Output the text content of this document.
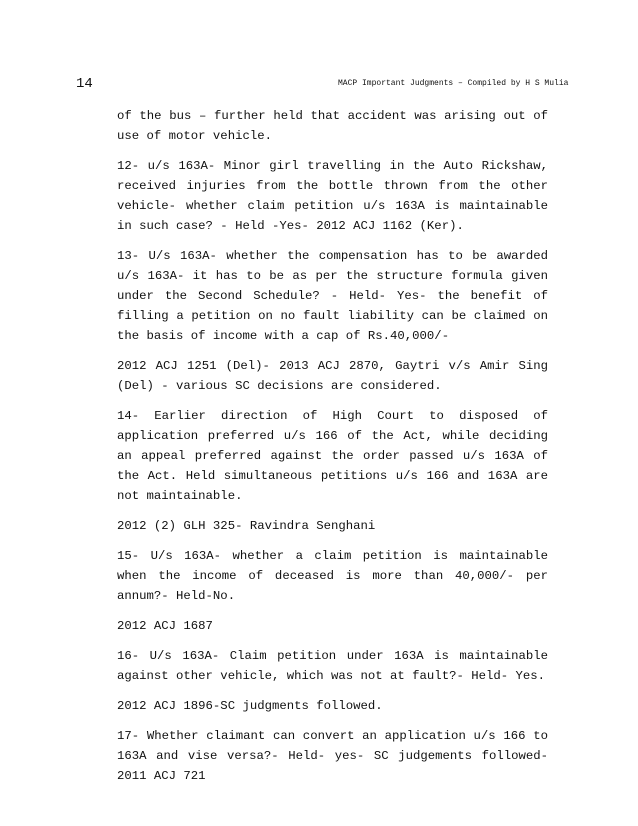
14	MACP Important Judgments – Compiled by H S Mulia

of the bus – further held that accident was arising out of use of motor vehicle.

12- u/s 163A- Minor girl travelling in the Auto Rickshaw, received injuries from the bottle thrown from the other vehicle- whether claim petition u/s 163A is maintainable in such case? - Held -Yes- 2012 ACJ 1162 (Ker).

13- U/s 163A- whether the compensation has to be awarded u/s 163A- it has to be as per the structure formula given under the Second Schedule? - Held- Yes- the benefit of filling a petition on no fault liability can be claimed on the basis of income with a cap of Rs.40,000/-

2012 ACJ 1251 (Del)- 2013 ACJ 2870, Gaytri v/s Amir Sing (Del) - various SC decisions are considered.

14- Earlier direction of High Court to disposed of application preferred u/s 166 of the Act, while deciding an appeal preferred against the order passed u/s 163A of the Act. Held simultaneous petitions u/s 166 and 163A are not maintainable.

2012 (2) GLH 325- Ravindra Senghani

15- U/s 163A- whether a claim petition is maintainable when the income of deceased is more than 40,000/- per annum?- Held-No.

2012 ACJ 1687

16- U/s 163A- Claim petition under 163A is maintainable against other vehicle, which was not at fault?- Held- Yes.

2012 ACJ 1896-SC judgments followed.

17- Whether claimant can convert an application u/s 166 to 163A and vise versa?- Held- yes- SC judgements followed- 2011 ACJ 721
